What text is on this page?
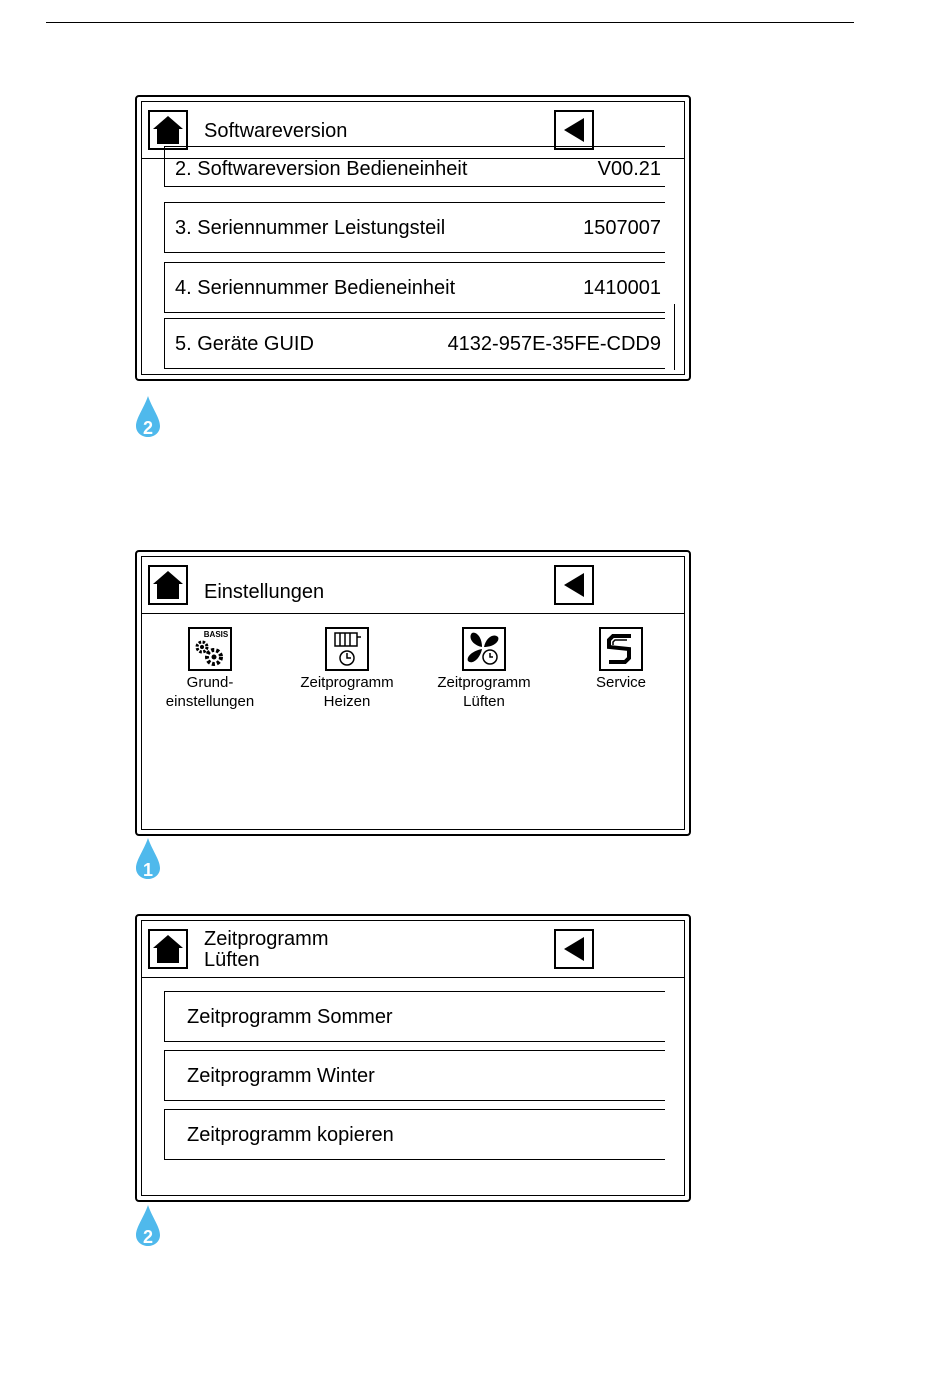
Softwareversion
2. Softwareversion Bedieneinheit	V00.21
3. Seriennummer Leistungsteil	1507007
4. Seriennummer Bedieneinheit	1410001
5. Geräte GUID	4132-957E-35FE-CDD9
2
Einstellungen
BASIS
Grund-
einstellungen
Zeitprogramm
Heizen
Zeitprogramm
Lüften
Service
1
Zeitprogramm
Lüften
Zeitprogramm Sommer
Zeitprogramm Winter
Zeitprogramm kopieren
2
